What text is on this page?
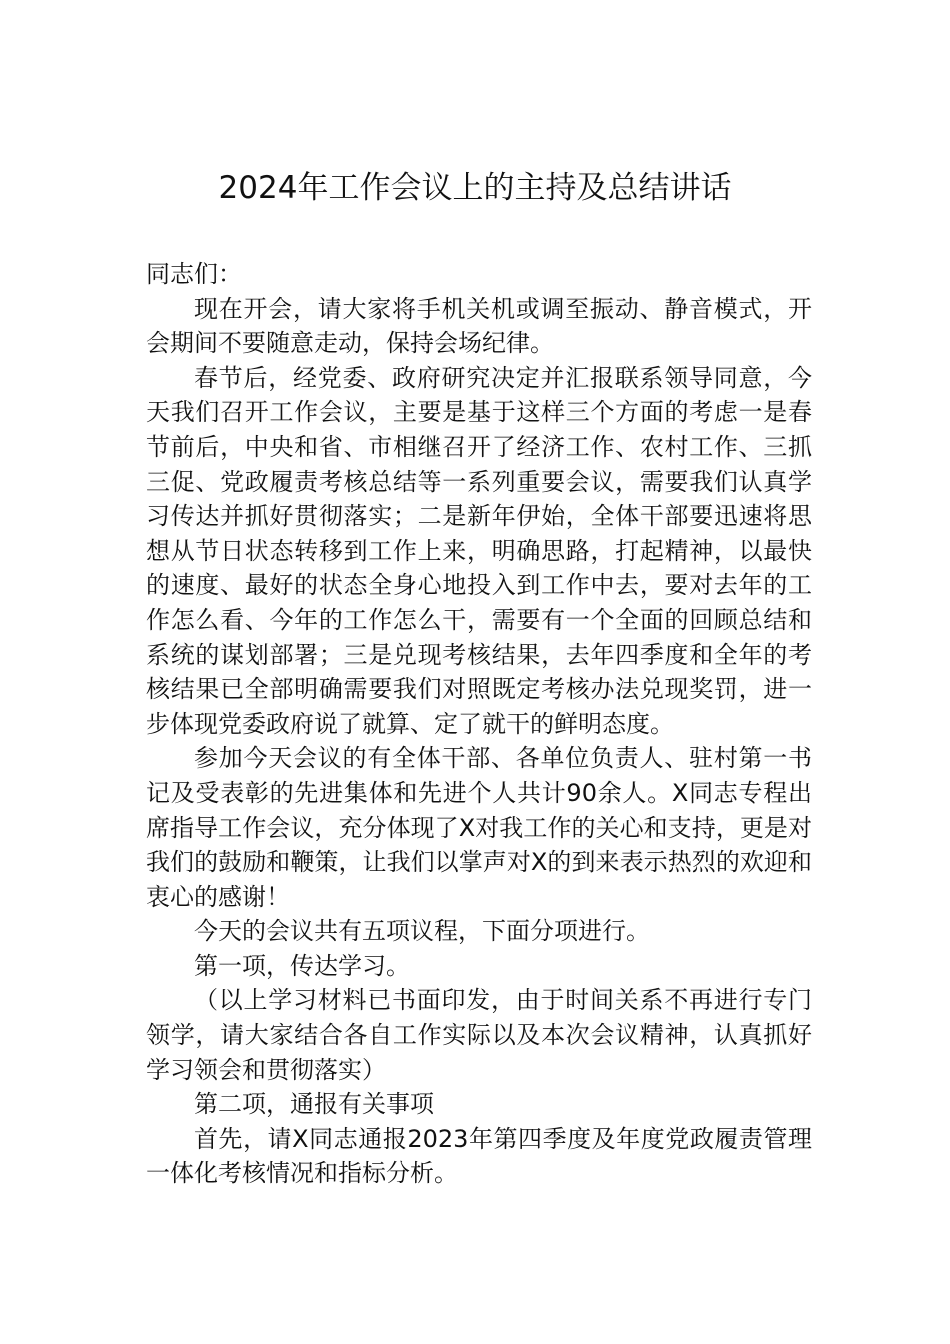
2024年工作会议上的主持及总结讲话

同志们：

现在开会，请大家将手机关机或调至振动、静音模式，开会期间不要随意走动，保持会场纪律。

春节后，经党委、政府研究决定并汇报联系领导同意，今天我们召开工作会议，主要是基于这样三个方面的考虑一是春节前后，中央和省、市相继召开了经济工作、农村工作、三抓三促、党政履责考核总结等一系列重要会议，需要我们认真学习传达并抓好贯彻落实；二是新年伊始，全体干部要迅速将思想从节日状态转移到工作上来，明确思路，打起精神，以最快的速度、最好的状态全身心地投入到工作中去，要对去年的工作怎么看、今年的工作怎么干，需要有一个全面的回顾总结和系统的谋划部署；三是兑现考核结果，去年四季度和全年的考核结果已全部明确需要我们对照既定考核办法兑现奖罚，进一步体现党委政府说了就算、定了就干的鲜明态度。

参加今天会议的有全体干部、各单位负责人、驻村第一书记及受表彰的先进集体和先进个人共计90余人。X同志专程出席指导工作会议，充分体现了X对我工作的关心和支持，更是对我们的鼓励和鞭策，让我们以掌声对X的到来表示热烈的欢迎和衷心的感谢！

今天的会议共有五项议程，下面分项进行。

第一项，传达学习。

（以上学习材料已书面印发，由于时间关系不再进行专门领学，请大家结合各自工作实际以及本次会议精神，认真抓好学习领会和贯彻落实）

第二项，通报有关事项

首先，请X同志通报2023年第四季度及年度党政履责管理一体化考核情况和指标分析。
